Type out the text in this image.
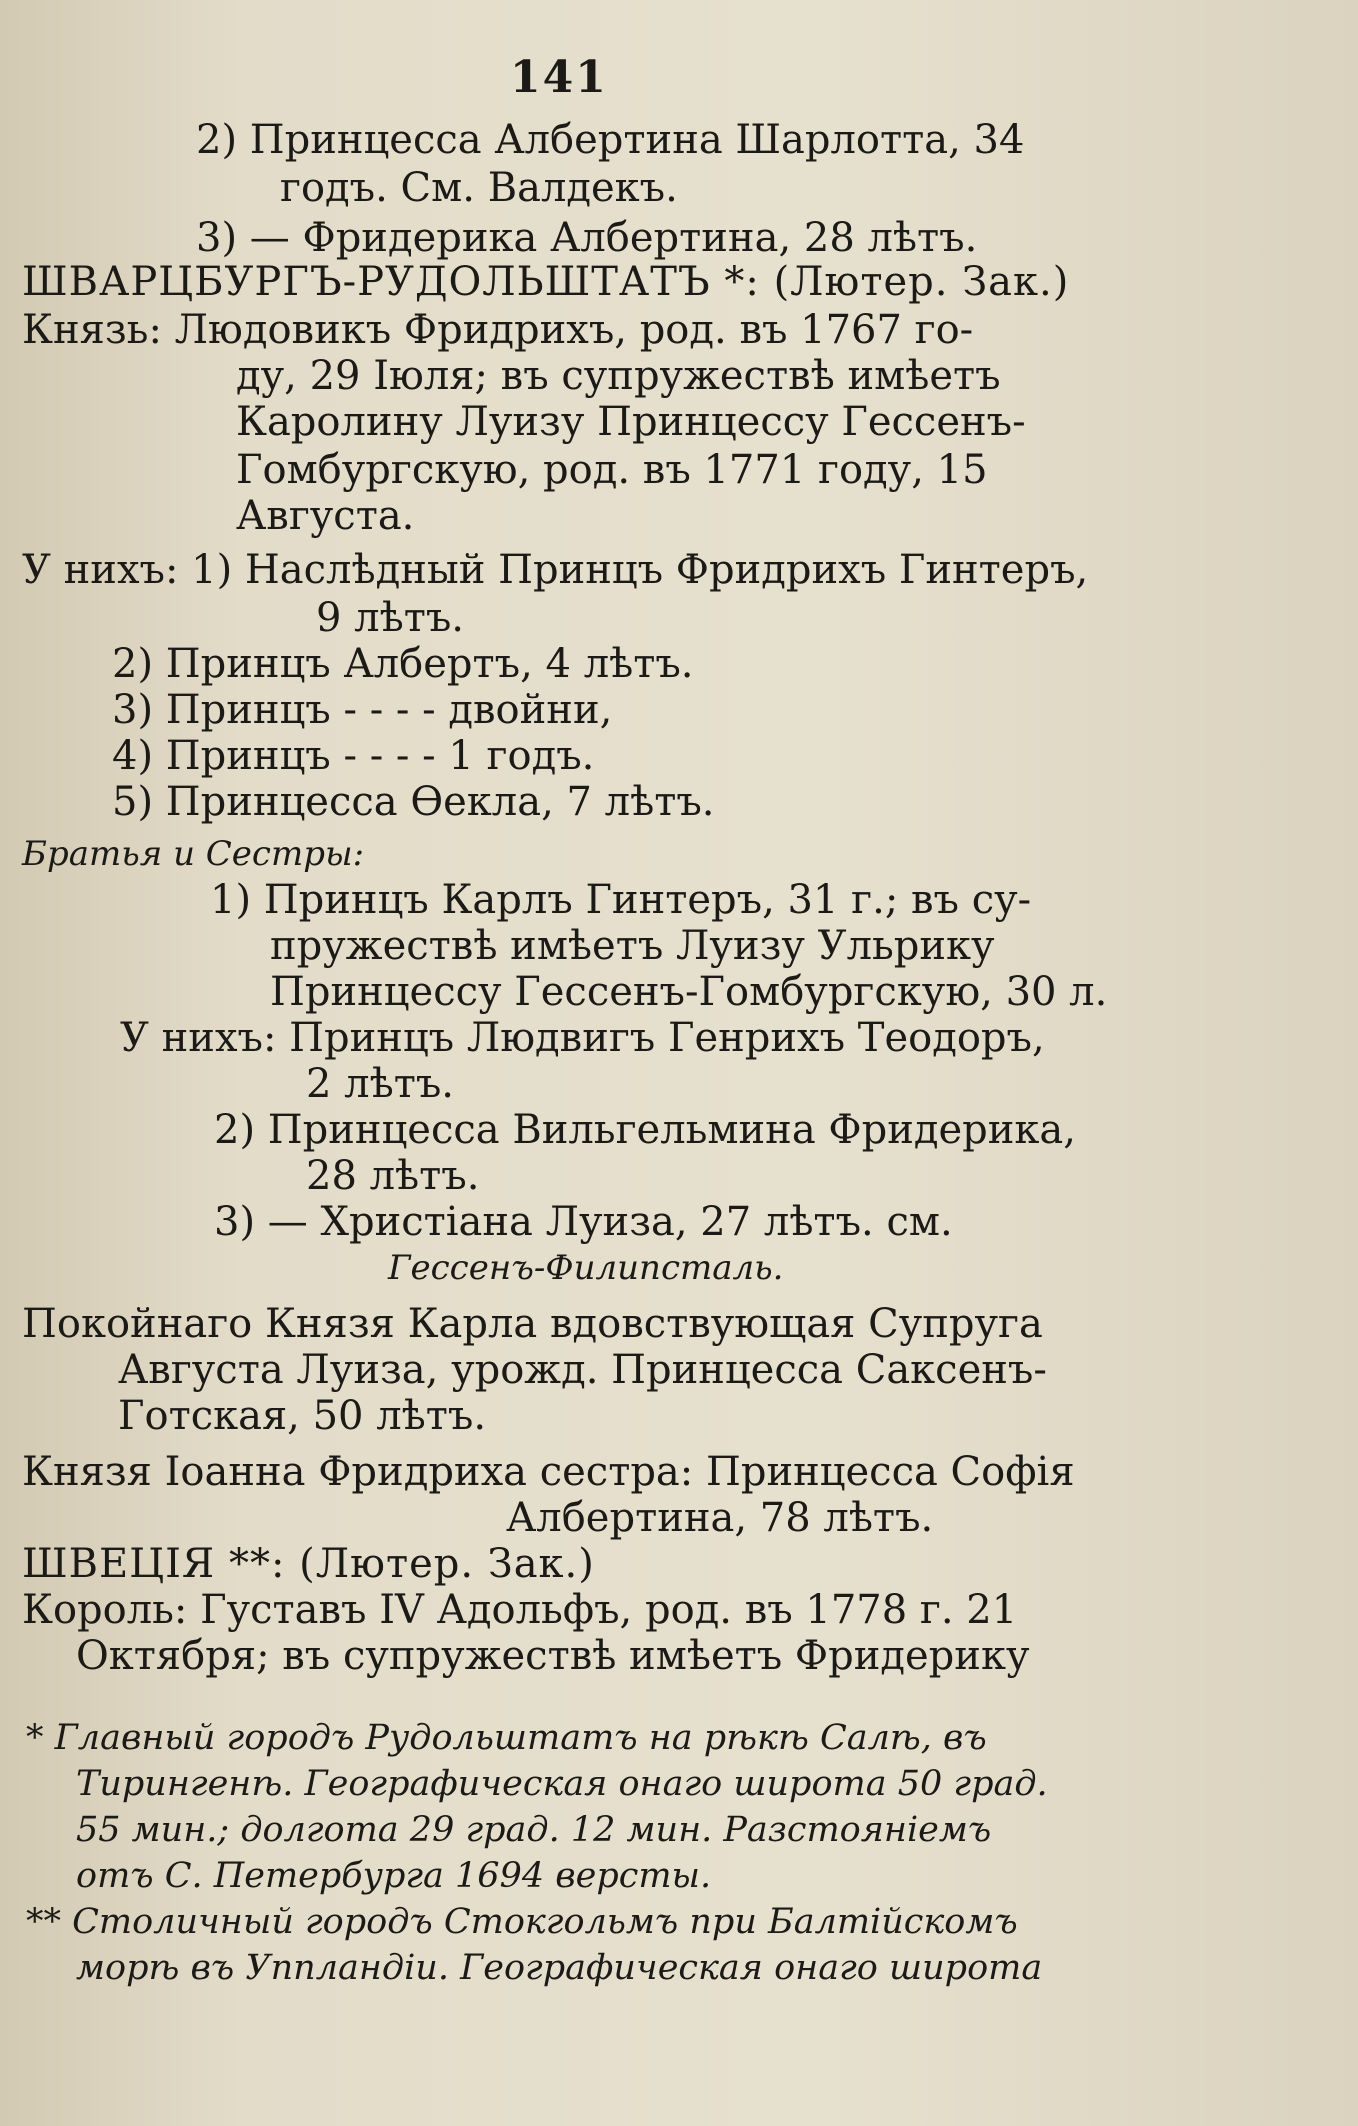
141
2) Принцесса Албертина Шарлотта, 34
годъ. См. Валдекъ.
3) — Фридерика Албертина, 28 лѣтъ.
ШВАРЦБУРГЪ-РУДОЛЬШТАТЪ *: (Лютер. Зак.)
Князь: Людовикъ Фридрихъ, род. въ 1767 го-
ду, 29 Іюля; въ супружествѣ имѣетъ
Каролину Луизу Принцессу Гессенъ-
Гомбургскую, род. въ 1771 году, 15
Августа.
У нихъ: 1) Наслѣдный Принцъ Фридрихъ Гинтеръ,
9 лѣтъ.
2) Принцъ Албертъ, 4 лѣтъ.
3) Принцъ - - - - двойни,
4) Принцъ - - - - 1 годъ.
5) Принцесса Өекла, 7 лѣтъ.
Братья и Сестры:
1) Принцъ Карлъ Гинтеръ, 31 г.; въ су-
пружествѣ имѣетъ Луизу Ульрику
Принцессу Гессенъ-Гомбургскую, 30 л.
У нихъ: Принцъ Людвигъ Генрихъ Теодоръ,
2 лѣтъ.
2) Принцесса Вильгельмина Фридерика,
28 лѣтъ.
3) — Христіана Луиза, 27 лѣтъ. см.
Гессенъ-Филипсталь.
Покойнаго Князя Карла вдовствующая Супруга
Августа Луиза, урожд. Принцесса Саксенъ-
Готская, 50 лѣтъ.
Князя Іоанна Фридриха сестра: Принцесса Софія
Албертина, 78 лѣтъ.
ШВЕЦІЯ **: (Лютер. Зак.)
Король: Густавъ IV Адольфъ, род. въ 1778 г. 21
Октября; въ супружествѣ имѣетъ Фридерику
* Главный городъ Рудольштатъ на рѣкѣ Салѣ, въ
Тирингенѣ. Географическая онаго широта 50 град.
55 мин.; долгота 29 град. 12 мин. Разстояніемъ
отъ С. Петербурга 1694 версты.
** Столичный городъ Стокгольмъ при Балтійскомъ
морѣ въ Уппландіи. Географическая онаго широта
